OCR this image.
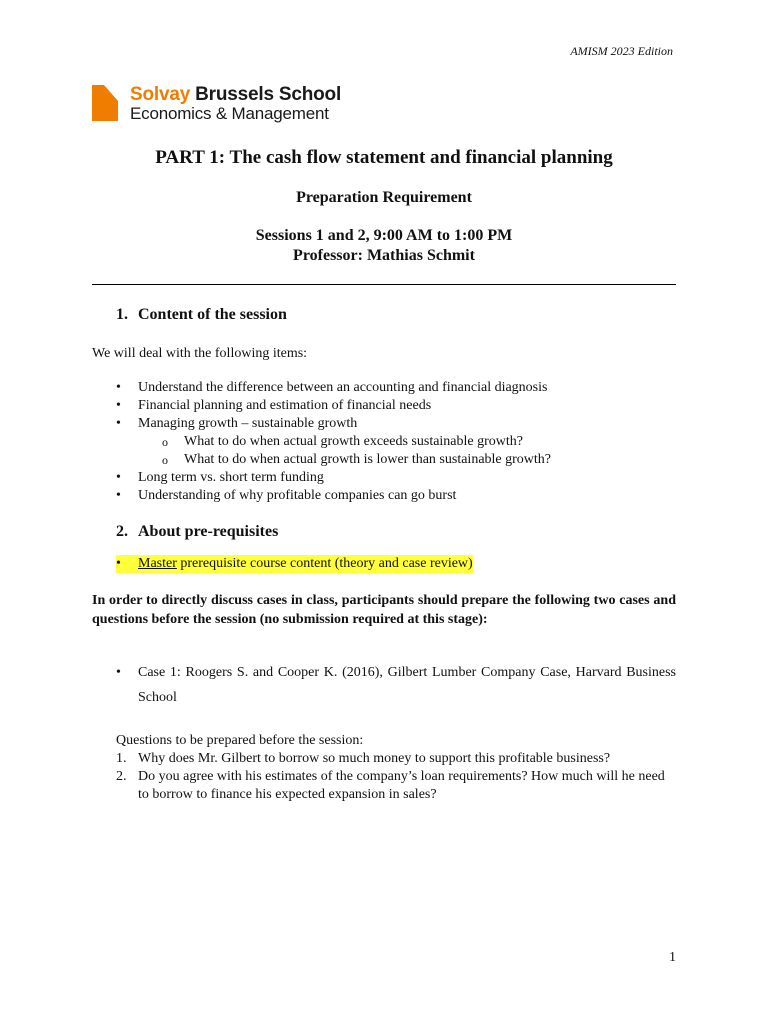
AMISM 2023 Edition
Solvay Brussels School
Economics & Management
PART 1: The cash flow statement and financial planning
Preparation Requirement
Sessions 1 and 2, 9:00 AM to 1:00 PM
Professor: Mathias Schmit
1. Content of the session
We will deal with the following items:
• Understand the difference between an accounting and financial diagnosis
• Financial planning and estimation of financial needs
• Managing growth – sustainable growth
o What to do when actual growth exceeds sustainable growth?
o What to do when actual growth is lower than sustainable growth?
• Long term vs. short term funding
• Understanding of why profitable companies can go burst
2. About pre-requisites
• Master prerequisite course content (theory and case review)
In order to directly discuss cases in class, participants should prepare the following two cases and questions before the session (no submission required at this stage):
• Case 1: Roogers S. and Cooper K. (2016), Gilbert Lumber Company Case, Harvard Business School
Questions to be prepared before the session:
1. Why does Mr. Gilbert to borrow so much money to support this profitable business?
2. Do you agree with his estimates of the company’s loan requirements? How much will he need to borrow to finance his expected expansion in sales?
1
